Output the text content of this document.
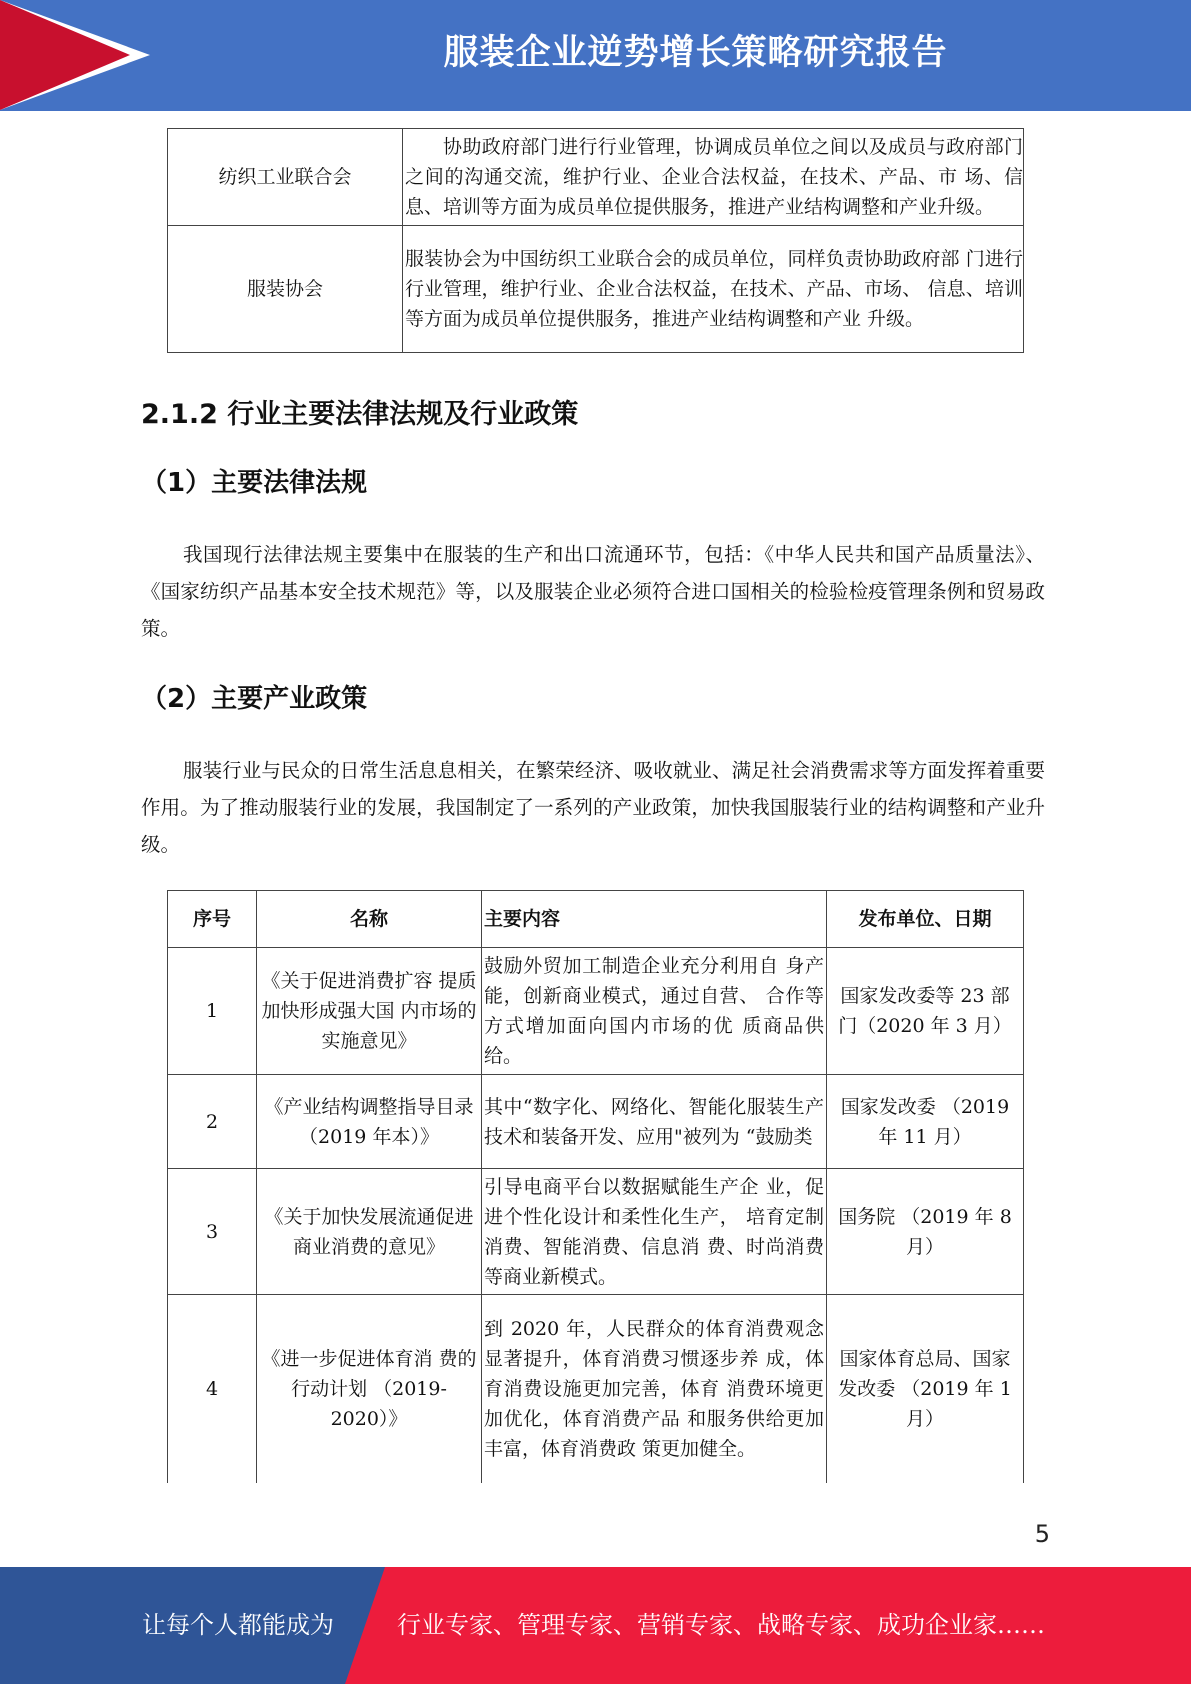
服装企业逆势增长策略研究报告
纺织工业联合会	协助政府部门进行行业管理，协调成员单位之间以及成员与政府部门之间的沟通交流，维护行业、企业合法权益，在技术、产品、市 场、信息、培训等方面为成员单位提供服务，推进产业结构调整和产业升级。
服装协会	服装协会为中国纺织工业联合会的成员单位，同样负责协助政府部 门进行行业管理，维护行业、企业合法权益，在技术、产品、市场、 信息、培训等方面为成员单位提供服务，推进产业结构调整和产业 升级。
2.1.2 行业主要法律法规及行业政策
（1）主要法律法规
我国现行法律法规主要集中在服装的生产和出口流通环节，包括：《中华人民共和国产品质量法》、《国家纺织产品基本安全技术规范》等，以及服装企业必须符合进口国相关的检验检疫管理条例和贸易政策。
（2）主要产业政策
服装行业与民众的日常生活息息相关，在繁荣经济、吸收就业、满足社会消费需求等方面发挥着重要作用。为了推动服装行业的发展，我国制定了一系列的产业政策，加快我国服装行业的结构调整和产业升级。
序号	名称	主要内容	发布单位、日期
1	《关于促进消费扩容 提质加快形成强大国 内市场的实施意见》	鼓励外贸加工制造企业充分利用自 身产能，创新商业模式，通过自营、 合作等方式增加面向国内市场的优 质商品供给。	国家发改委等 23 部 门（2020 年 3 月）
2	《产业结构调整指导目录（2019 年本）》	其中“数字化、网络化、智能化服装生产技术和装备开发、应用"被列为 “鼓励类	国家发改委 （2019 年 11 月）
3	《关于加快发展流通促进商业消费的意见》	引导电商平台以数据赋能生产企 业，促进个性化设计和柔性化生产， 培育定制消费、智能消费、信息消 费、时尚消费等商业新模式。	国务院 （2019 年 8 月）
4	《进一步促进体育消 费的行动计划 （2019-2020）》	到 2020 年，人民群众的体育消费观念显著提升，体育消费习惯逐步养 成，体育消费设施更加完善，体育 消费环境更加优化，体育消费产品 和服务供给更加丰富，体育消费政 策更加健全。	国家体育总局、国家发改委 （2019 年 1 月）
5
让每个人都能成为	行业专家、管理专家、营销专家、战略专家、成功企业家……
